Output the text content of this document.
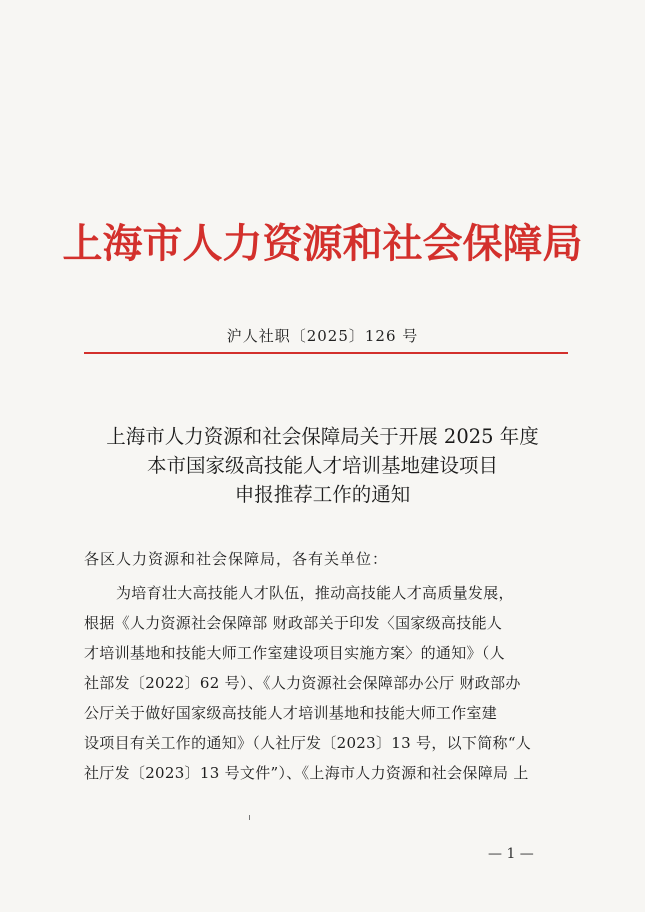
上海市人力资源和社会保障局
沪人社职〔2025〕126 号
上海市人力资源和社会保障局关于开展 2025 年度
本市国家级高技能人才培训基地建设项目
申报推荐工作的通知
各区人力资源和社会保障局，各有关单位：
为培育壮大高技能人才队伍，推动高技能人才高质量发展，
根据《人力资源社会保障部 财政部关于印发〈国家级高技能人
才培训基地和技能大师工作室建设项目实施方案〉的通知》（人
社部发〔2022〕62 号）、《人力资源社会保障部办公厅 财政部办
公厅关于做好国家级高技能人才培训基地和技能大师工作室建
设项目有关工作的通知》（人社厅发〔2023〕13 号，以下简称“人
社厅发〔2023〕13 号文件”）、《上海市人力资源和社会保障局 上
— 1 —
